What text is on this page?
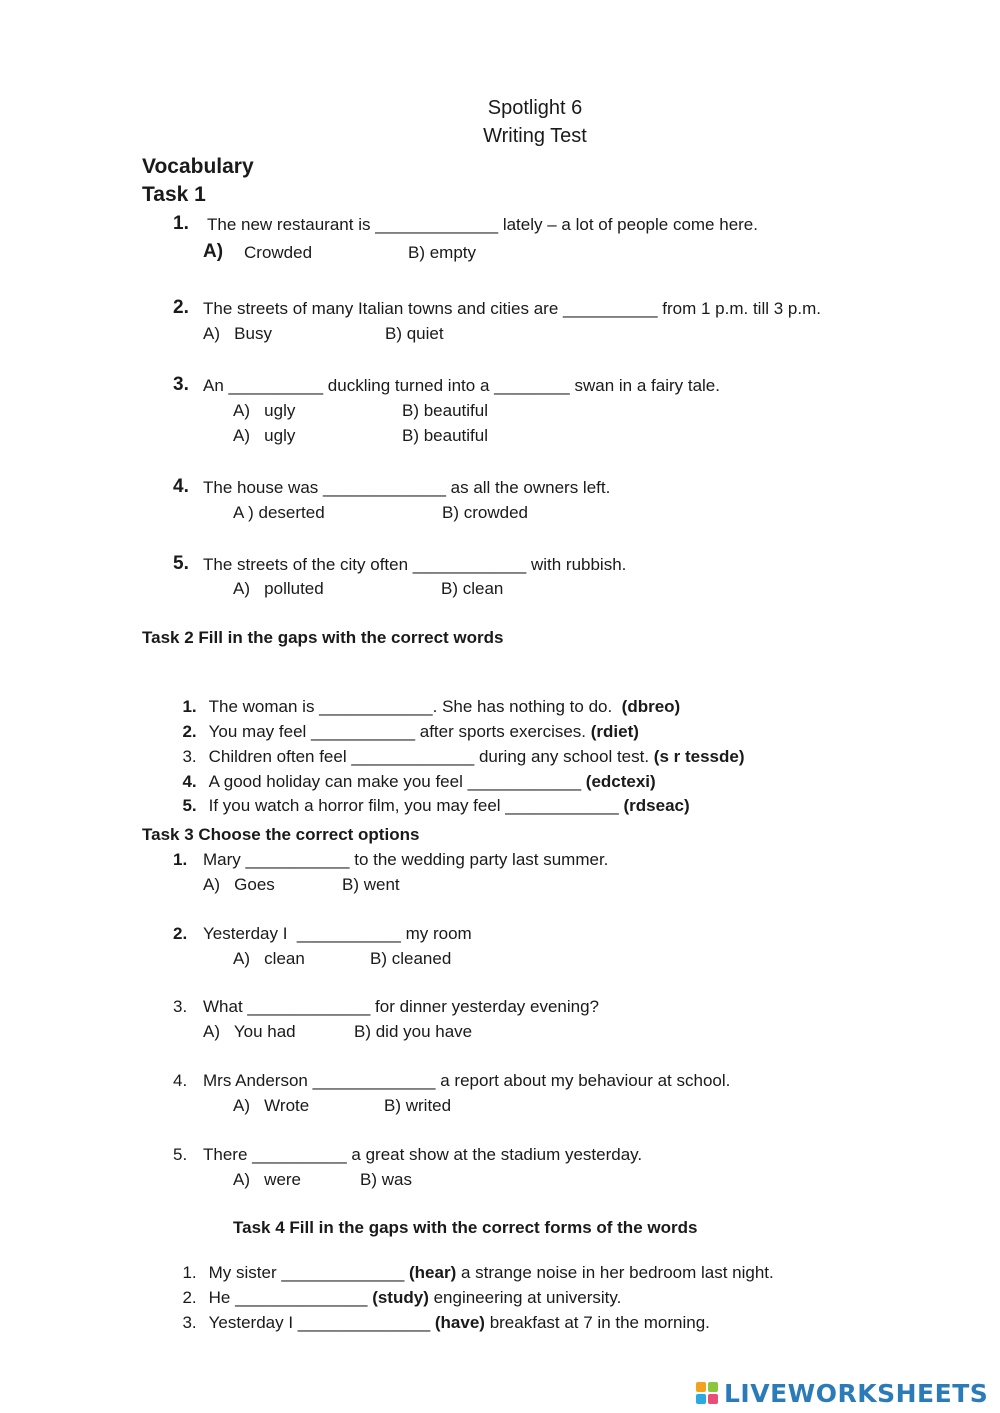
Spotlight 6
Writing Test
Vocabulary
Task 1
1. The new restaurant is _____________ lately – a lot of people come here.
A) Crowded	B) empty
2. The streets of many Italian towns and cities are __________ from 1 p.m. till 3 p.m.
A)   Busy	B) quiet
3. An __________ duckling turned into a ________ swan in a fairy tale.
A)   ugly	B) beautiful
A)   ugly	B) beautiful
4. The house was _____________ as all the owners left.
A ) deserted	B) crowded
5. The streets of the city often ____________ with rubbish.
A)   polluted	B) clean
Task 2 Fill in the gaps with the correct words

1. The woman is ____________. She has nothing to do.  (dbreo)

2. You may feel ___________ after sports exercises. (rdiet)

3. Children often feel _____________ during any school test. (s r tessde)

4. A good holiday can make you feel ____________ (edctexi)

5. If you watch a horror film, you may feel ____________ (rdseac)

Task 3 Choose the correct options
1. Mary ___________ to the wedding party last summer.
A)   Goes	B) went
2. Yesterday I  ___________ my room
A)   clean	B) cleaned
3. What _____________ for dinner yesterday evening?
A)   You had	B) did you have
4. Mrs Anderson _____________ a report about my behaviour at school.
A)   Wrote	B) writed
5. There __________ a great show at the stadium yesterday.
A)   were	B) was
Task 4 Fill in the gaps with the correct forms of the words

1. My sister _____________ (hear) a strange noise in her bedroom last night.

2. He ______________ (study) engineering at university.

3. Yesterday I ______________ (have) breakfast at 7 in the morning.

LIVEWORKSHEETS
